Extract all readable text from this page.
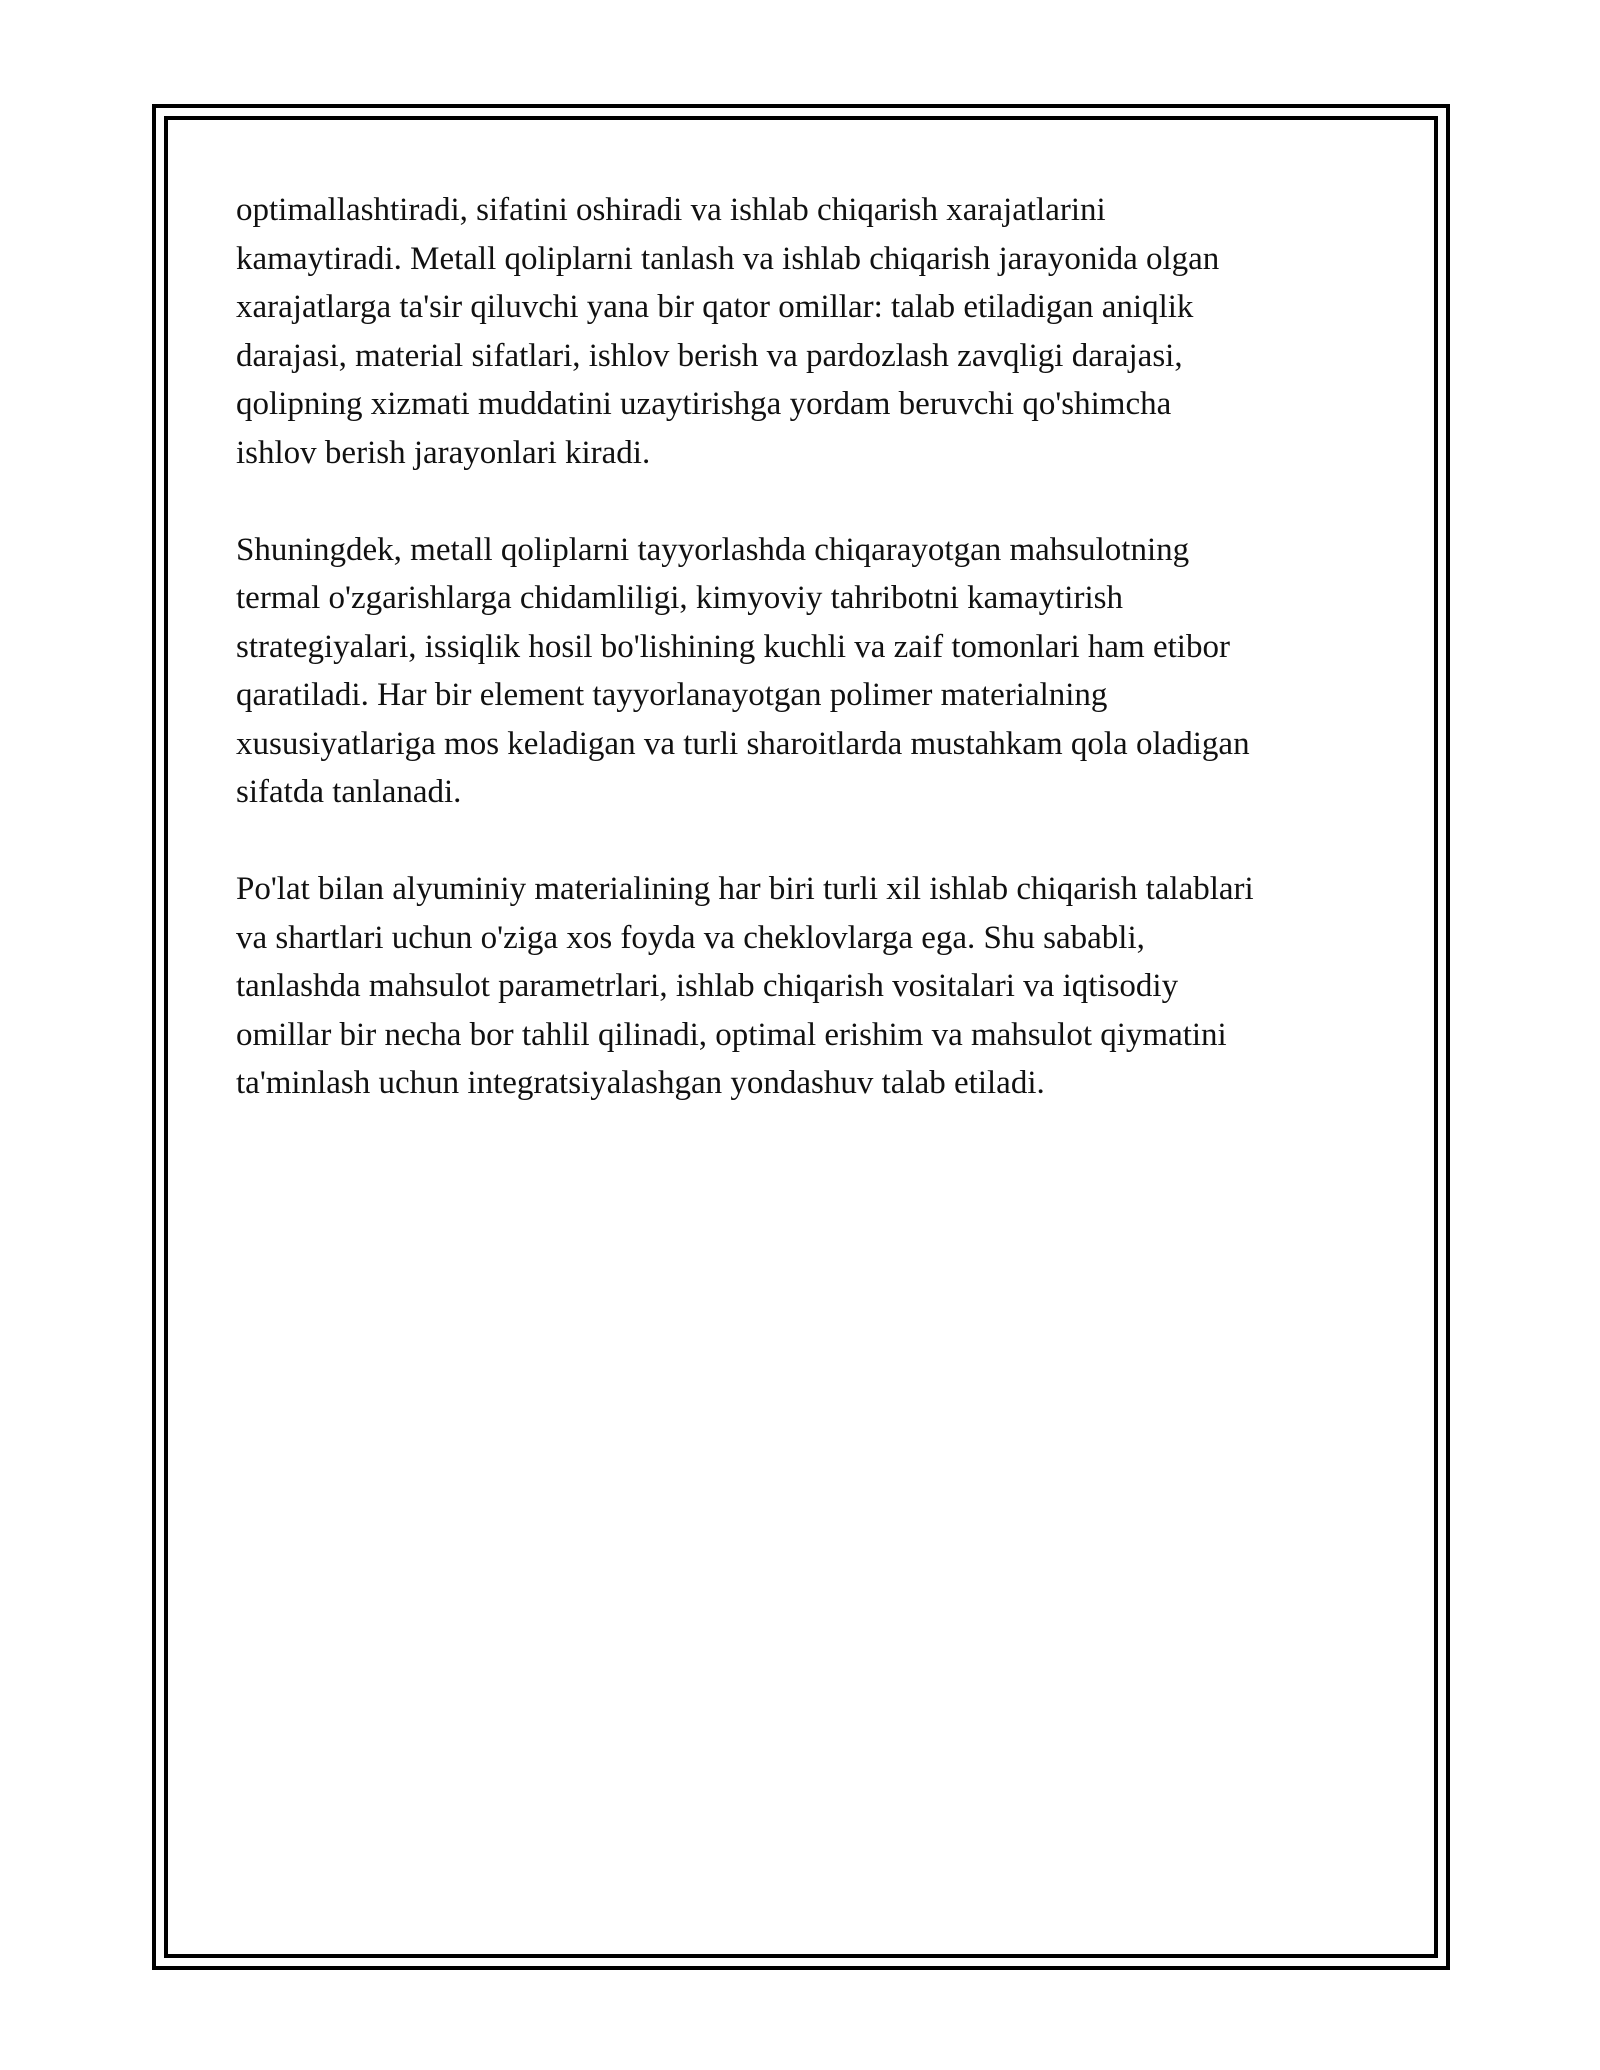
optimallashtiradi, sifatini oshiradi va ishlab chiqarish xarajatlarini
kamaytiradi. Metall qoliplarni tanlash va ishlab chiqarish jarayonida olgan
xarajatlarga ta'sir qiluvchi yana bir qator omillar: talab etiladigan aniqlik
darajasi, material sifatlari, ishlov berish va pardozlash zavqligi darajasi,
qolipning xizmati muddatini uzaytirishga yordam beruvchi qo'shimcha
ishlov berish jarayonlari kiradi.

Shuningdek, metall qoliplarni tayyorlashda chiqarayotgan mahsulotning
termal o'zgarishlarga chidamliligi, kimyoviy tahribotni kamaytirish
strategiyalari, issiqlik hosil bo'lishining kuchli va zaif tomonlari ham etibor
qaratiladi. Har bir element tayyorlanayotgan polimer materialning
xususiyatlariga mos keladigan va turli sharoitlarda mustahkam qola oladigan
sifatda tanlanadi.

Po'lat bilan alyuminiy materialining har biri turli xil ishlab chiqarish talablari
va shartlari uchun o'ziga xos foyda va cheklovlarga ega. Shu sababli,
tanlashda mahsulot parametrlari, ishlab chiqarish vositalari va iqtisodiy
omillar bir necha bor tahlil qilinadi, optimal erishim va mahsulot qiymatini
ta'minlash uchun integratsiyalashgan yondashuv talab etiladi.
